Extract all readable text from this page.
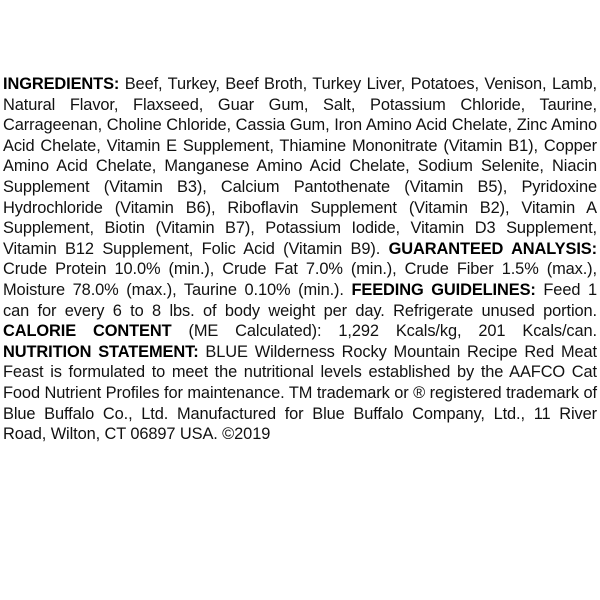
INGREDIENTS: Beef, Turkey, Beef Broth, Turkey Liver, Potatoes, Venison, Lamb, Natural Flavor, Flaxseed, Guar Gum, Salt, Potassium Chloride, Taurine, Carrageenan, Choline Chloride, Cassia Gum, Iron Amino Acid Chelate, Zinc Amino Acid Chelate, Vitamin E Supplement, Thiamine Mononitrate (Vitamin B1), Copper Amino Acid Chelate, Manganese Amino Acid Chelate, Sodium Selenite, Niacin Supplement (Vitamin B3), Calcium Pantothenate (Vitamin B5), Pyridoxine Hydrochloride (Vitamin B6), Riboflavin Supplement (Vitamin B2), Vitamin A Supplement, Biotin (Vitamin B7), Potassium Iodide, Vitamin D3 Supplement, Vitamin B12 Supplement, Folic Acid (Vitamin B9). GUARANTEED ANALYSIS: Crude Protein 10.0% (min.), Crude Fat 7.0% (min.), Crude Fiber 1.5% (max.), Moisture 78.0% (max.), Taurine 0.10% (min.). FEEDING GUIDELINES: Feed 1 can for every 6 to 8 lbs. of body weight per day. Refrigerate unused portion. CALORIE CONTENT (ME Calculated): 1,292 Kcals/kg, 201 Kcals/can. NUTRITION STATEMENT: BLUE Wilderness Rocky Mountain Recipe Red Meat Feast is formulated to meet the nutritional levels established by the AAFCO Cat Food Nutrient Profiles for maintenance. TM trademark or ® registered trademark of Blue Buffalo Co., Ltd. Manufactured for Blue Buffalo Company, Ltd., 11 River Road, Wilton, CT 06897 USA. ©2019
